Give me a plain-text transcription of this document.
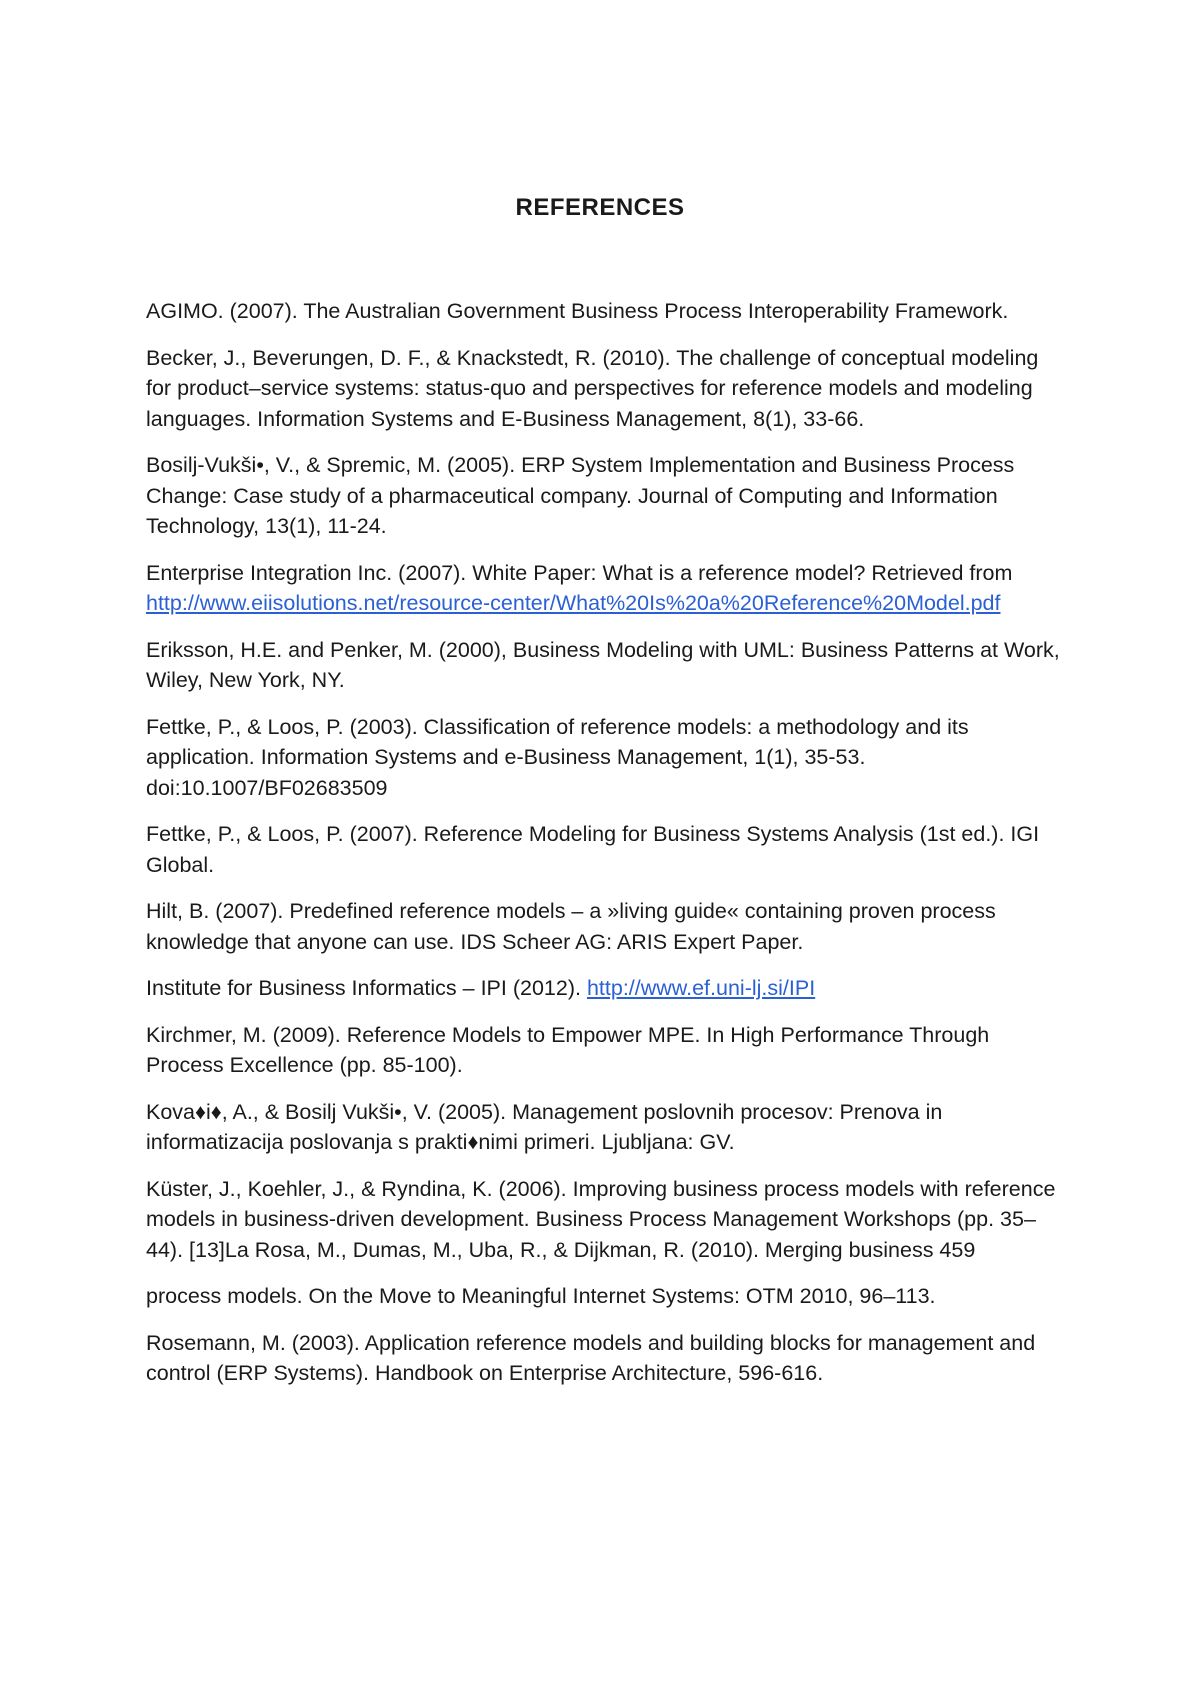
REFERENCES
AGIMO. (2007). The Australian Government Business Process Interoperability Framework.
Becker, J., Beverungen, D. F., & Knackstedt, R. (2010). The challenge of conceptual modeling for product–service systems: status-quo and perspectives for reference models and modeling languages. Information Systems and E-Business Management, 8(1), 33-66.
Bosilj-Vukši•, V., & Spremic, M. (2005). ERP System Implementation and Business Process Change: Case study of a pharmaceutical company. Journal of Computing and Information Technology, 13(1), 11-24.
Enterprise Integration Inc. (2007). White Paper: What is a reference model? Retrieved from http://www.eiisolutions.net/resource-center/What%20Is%20a%20Reference%20Model.pdf
Eriksson, H.E. and Penker, M. (2000), Business Modeling with UML: Business Patterns at Work, Wiley, New York, NY.
Fettke, P., & Loos, P. (2003). Classification of reference models: a methodology and its application. Information Systems and e-Business Management, 1(1), 35-53. doi:10.1007/BF02683509
Fettke, P., & Loos, P. (2007). Reference Modeling for Business Systems Analysis (1st ed.). IGI Global.
Hilt, B. (2007). Predefined reference models – a »living guide« containing proven process knowledge that anyone can use. IDS Scheer AG: ARIS Expert Paper.
Institute for Business Informatics – IPI (2012). http://www.ef.uni-lj.si/IPI
Kirchmer, M. (2009). Reference Models to Empower MPE. In High Performance Through Process Excellence (pp. 85-100).
Kova♦i♦, A., & Bosilj Vukši•, V. (2005). Management poslovnih procesov: Prenova in informatizacija poslovanja s prakti♦nimi primeri. Ljubljana: GV.
Küster, J., Koehler, J., & Ryndina, K. (2006). Improving business process models with reference models in business-driven development. Business Process Management Workshops (pp. 35–44). [13]La Rosa, M., Dumas, M., Uba, R., & Dijkman, R. (2010). Merging business 459
process models. On the Move to Meaningful Internet Systems: OTM 2010, 96–113.
Rosemann, M. (2003). Application reference models and building blocks for management and control (ERP Systems). Handbook on Enterprise Architecture, 596-616.
